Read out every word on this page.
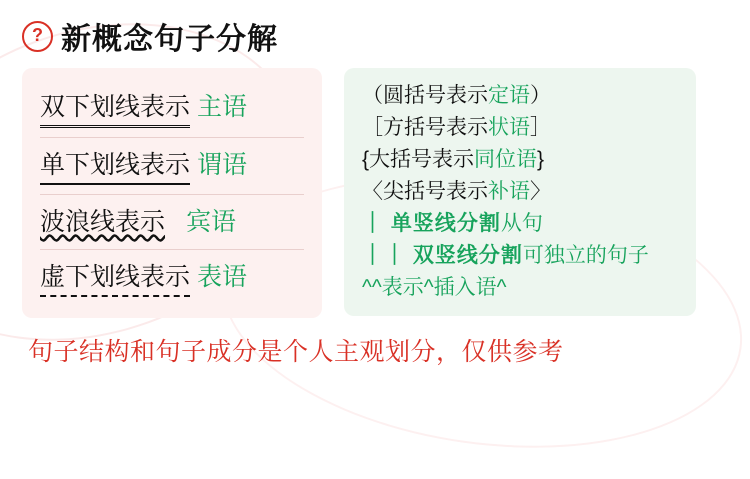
? 新概念句子分解
双下划线表示 主语
单下划线表示 谓语
波浪线表示 宾语
虚下划线表示 表语
（圆括号表示定语）
［方括号表示状语］
{大括号表示同位语}
〈尖括号表示补语〉
｜ 单竖线分割从句
｜｜ 双竖线分割可独立的句子
^^表示^插入语^
句子结构和句子成分是个人主观划分，仅供参考
